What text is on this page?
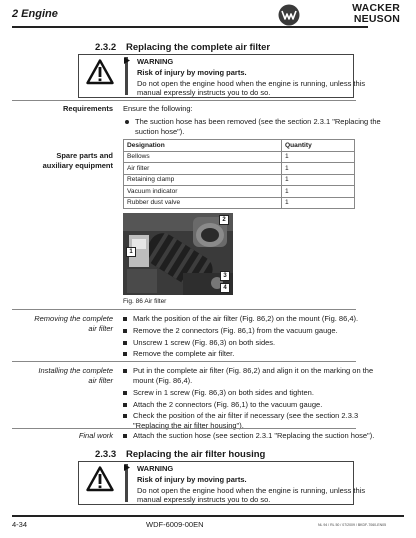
2 Engine	WACKER
NEUSON
2.3.2 Replacing the complete air filter
WARNING
Risk of injury by moving parts.
Do not open the engine hood when the engine is running, unless this
manual expressly instructs you to do so.
Requirements Ensure the following:
The suction hose has been removed (see the section 2.3.1 "Replacing the
suction hose").
Spare parts and
auxiliary equipment
Designation	Quantity
Bellows	1
Air filter	1
Retaining clamp	1
Vacuum indicator	1
Rubber dust valve	1
2
1
3
4
Fig. 86 Air filter
Removing the complete
air filter
Mark the position of the air filter (Fig. 86,2) on the mount (Fig. 86,4).
Remove the 2 connectors (Fig. 86,1) from the vacuum gauge.
Unscrew 1 screw (Fig. 86,3) on both sides.
Remove the complete air filter.
Installing the complete
air filter
Put in the complete air filter (Fig. 86,2) and align it on the marking on the
mount (Fig. 86,4).
Screw in 1 screw (Fig. 86,3) on both sides and tighten.
Attach the 2 connectors (Fig. 86,1) to the vacuum gauge.
Check the position of the air filter if necessary (see the section 2.3.3
"Replacing the air filter housing").
Final work	Attach the suction hose (see section 2.3.1 "Replacing the suction hose").
2.3.3 Replacing the air filter housing
WARNING
Risk of injury by moving parts.
Do not open the engine hood when the engine is running, unless this
manual expressly instructs you to do so.
4-34	WDF-6009-00EN	NL 94 / RL 50 / 07/2009 / BKDF-7060-EN05
